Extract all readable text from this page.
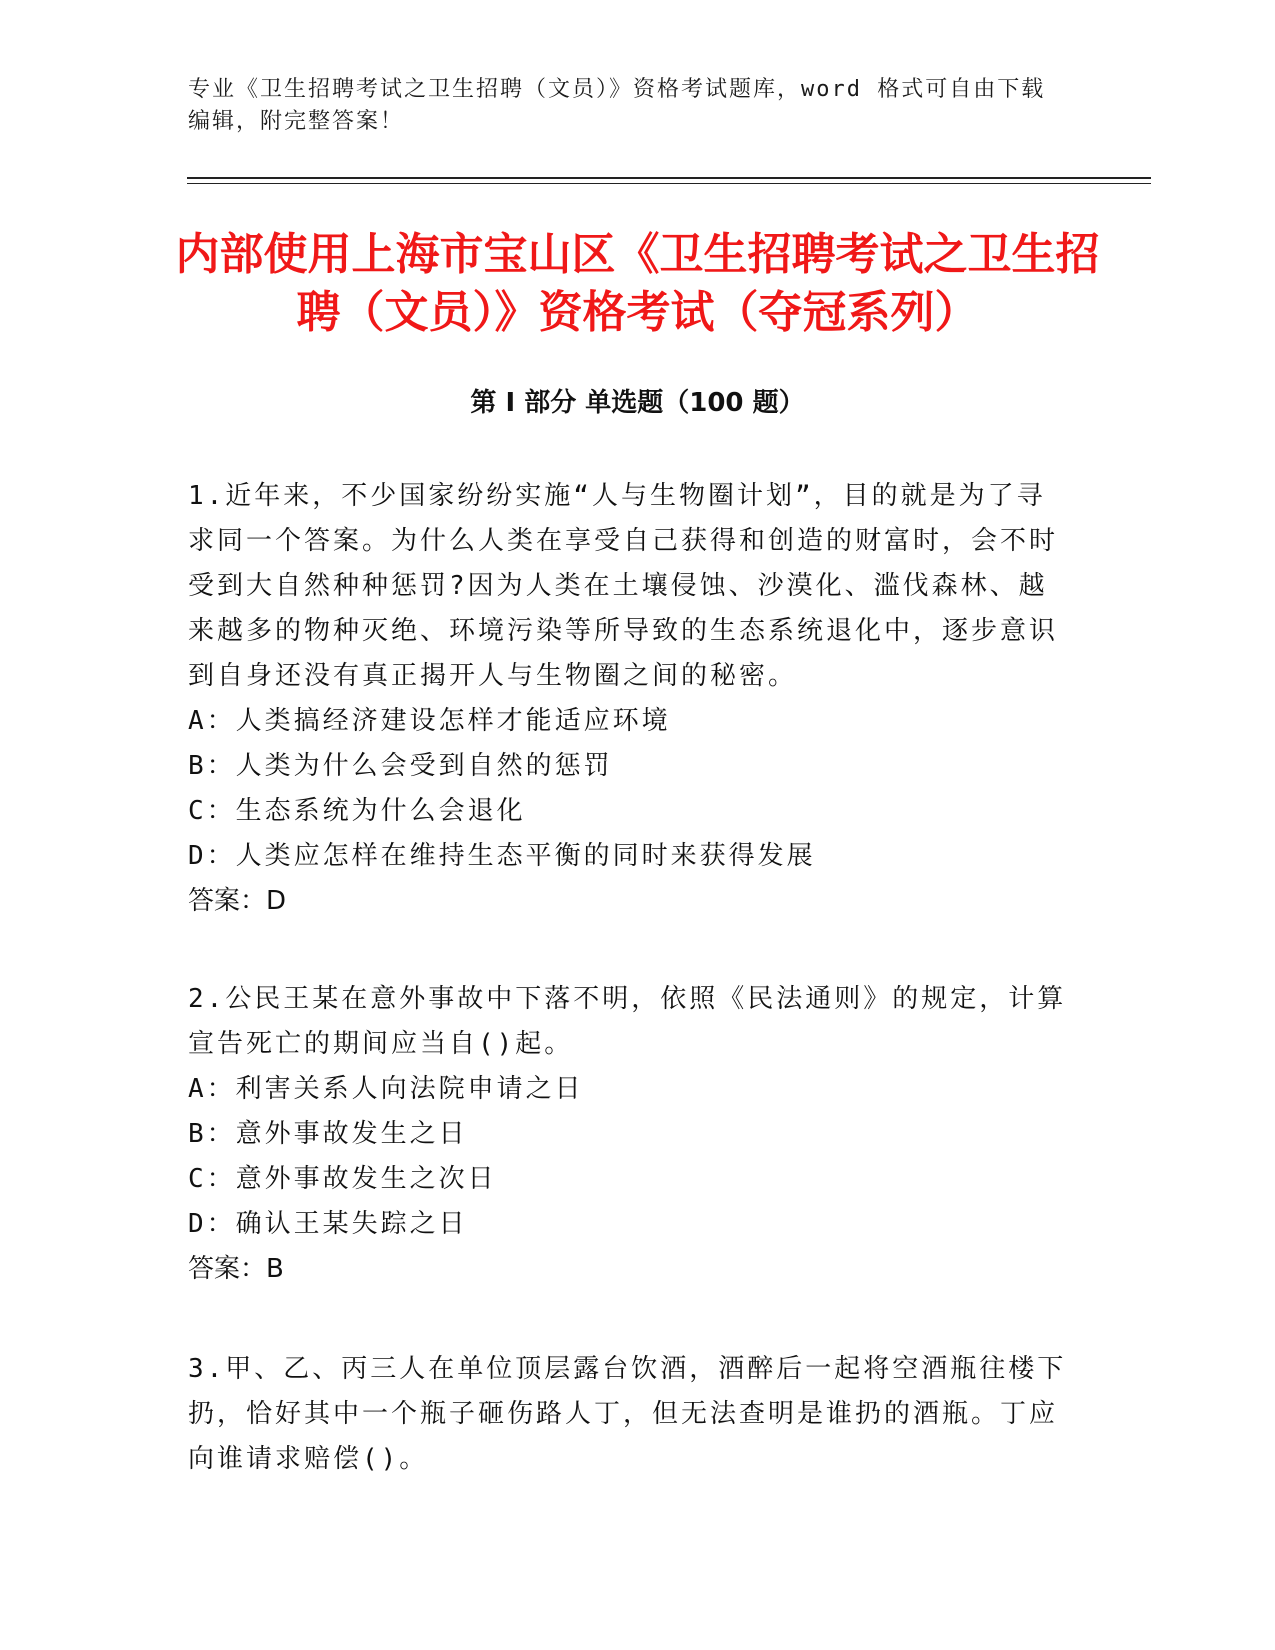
专业《卫生招聘考试之卫生招聘（文员）》资格考试题库，word 格式可自由下载编辑，附完整答案！
内部使用上海市宝山区《卫生招聘考试之卫生招聘（文员）》资格考试（夺冠系列）
第 I 部分 单选题（100 题）

1.近年来，不少国家纷纷实施“人与生物圈计划”，目的就是为了寻求同一个答案。为什么人类在享受自己获得和创造的财富时，会不时受到大自然种种惩罚?因为人类在土壤侵蚀、沙漠化、滥伐森林、越来越多的物种灭绝、环境污染等所导致的生态系统退化中，逐步意识到自身还没有真正揭开人与生物圈之间的秘密。

A：人类搞经济建设怎样才能适应环境

B：人类为什么会受到自然的惩罚

C：生态系统为什么会退化

D：人类应怎样在维持生态平衡的同时来获得发展

答案：D

2.公民王某在意外事故中下落不明，依照《民法通则》的规定，计算宣告死亡的期间应当自()起。

A：利害关系人向法院申请之日

B：意外事故发生之日

C：意外事故发生之次日

D：确认王某失踪之日

答案：B

3.甲、乙、丙三人在单位顶层露台饮酒，酒醉后一起将空酒瓶往楼下扔，恰好其中一个瓶子砸伤路人丁，但无法查明是谁扔的酒瓶。丁应向谁请求赔偿()。
